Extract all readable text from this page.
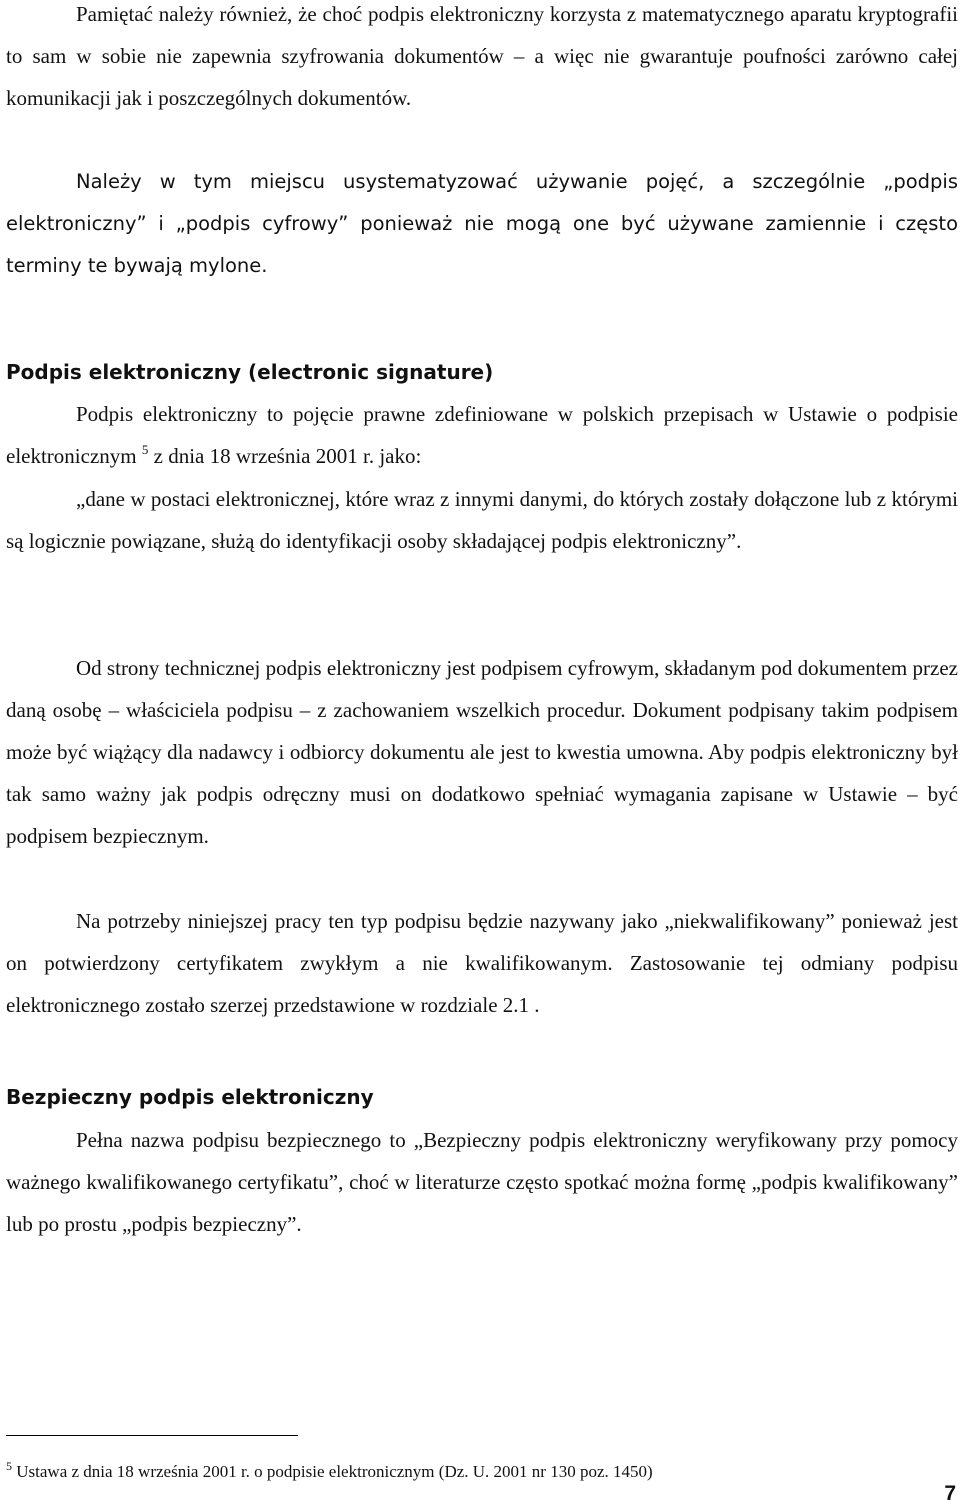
Pamiętać należy również, że choć podpis elektroniczny korzysta z matematycznego aparatu kryptografii to sam w sobie nie zapewnia szyfrowania dokumentów – a więc nie gwarantuje poufności zarówno całej komunikacji jak i poszczególnych dokumentów.

Należy w tym miejscu usystematyzować używanie pojęć, a szczególnie „podpis elektroniczny” i „podpis cyfrowy” ponieważ nie mogą one być używane zamiennie i często terminy te bywają mylone.

Podpis elektroniczny (electronic signature)

Podpis elektroniczny to pojęcie prawne zdefiniowane w polskich przepisach w Ustawie o podpisie elektronicznym $^5$ z dnia 18 września 2001 r. jako:

„dane w postaci elektronicznej, które wraz z innymi danymi, do których zostały dołączone lub z którymi są logicznie powiązane, służą do identyfikacji osoby składającej podpis elektroniczny”.

Od strony technicznej podpis elektroniczny jest podpisem cyfrowym, składanym pod dokumentem przez daną osobę – właściciela podpisu – z zachowaniem wszelkich procedur. Dokument podpisany takim podpisem może być wiążący dla nadawcy i odbiorcy dokumentu ale jest to kwestia umowna. Aby podpis elektroniczny był tak samo ważny jak podpis odręczny musi on dodatkowo spełniać wymagania zapisane w Ustawie – być podpisem bezpiecznym.

Na potrzeby niniejszej pracy ten typ podpisu będzie nazywany jako „niekwalifikowany” ponieważ jest on potwierdzony certyfikatem zwykłym a nie kwalifikowanym. Zastosowanie tej odmiany podpisu elektronicznego zostało szerzej przedstawione w rozdziale 2.1 .

Bezpieczny podpis elektroniczny

Pełna nazwa podpisu bezpiecznego to „Bezpieczny podpis elektroniczny weryfikowany przy pomocy ważnego kwalifikowanego certyfikatu”, choć w literaturze często spotkać można formę „podpis kwalifikowany” lub po prostu „podpis bezpieczny”.

$^5$ Ustawa z dnia 18 września 2001 r. o podpisie elektronicznym (Dz. U. 2001 nr 130 poz. 1450)

7
